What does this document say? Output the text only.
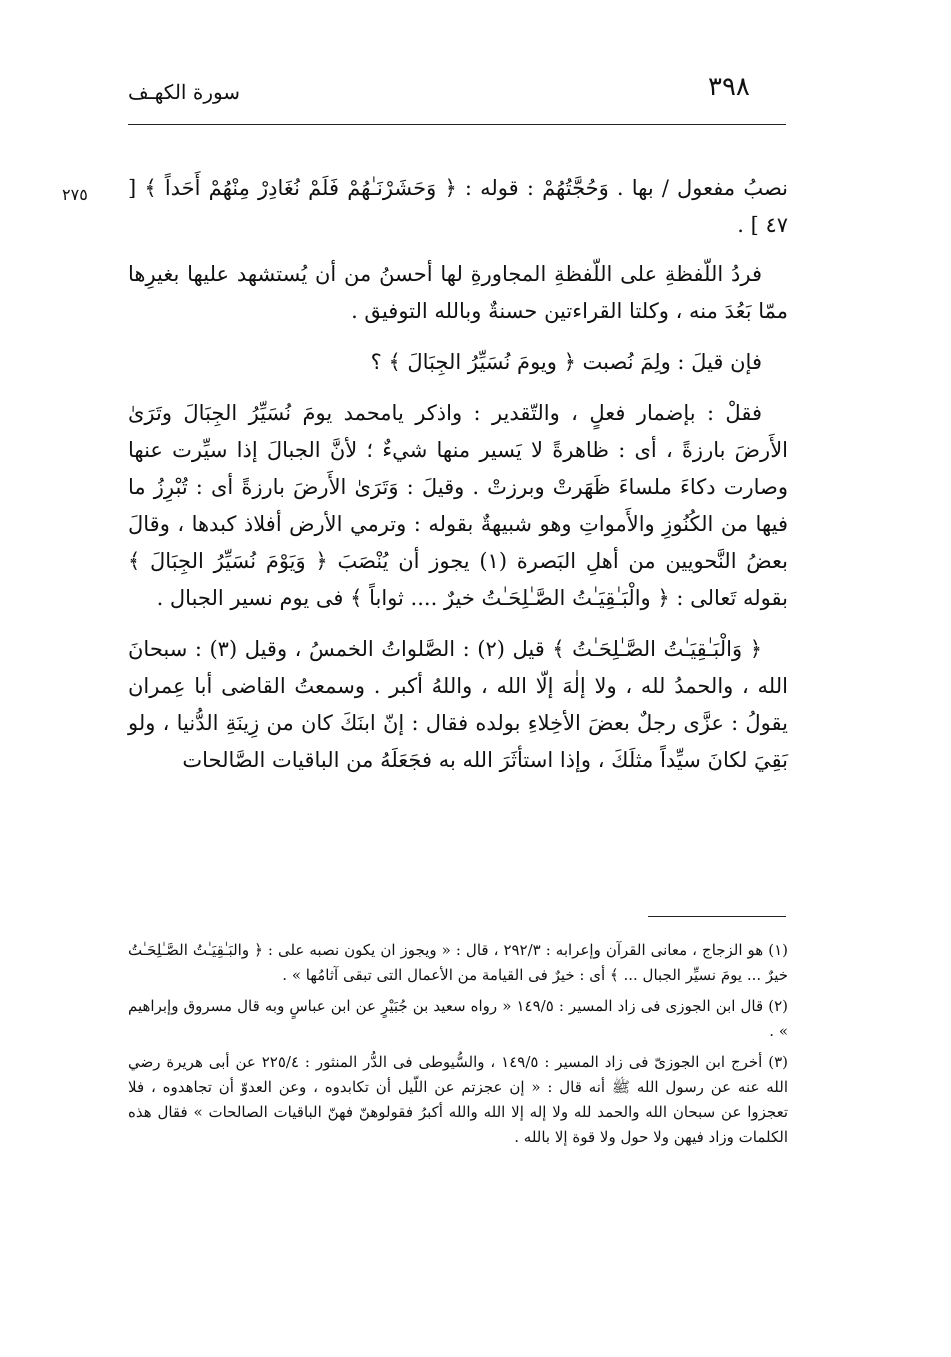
٣٩٨
سورة الكهـف
٢٧٥ نصبُ مفعول / بها . وَحُجَّتُهُمْ : قوله : ﴿ وَحَشَرْنَـٰهُمْ فَلَمْ نُغَادِرْ مِنْهُمْ أَحَداً ﴾ [ ٤٧ ] .

فردُ اللّفظةِ على اللّفظةِ المجاورةِ لها أحسنُ من أن يُستشهد عليها بغيرِها ممّا بَعُدَ منه ، وكلتا القراءتين حسنةٌ وبالله التوفيق .

فإن قيلَ : ولِمَ نُصبت ﴿ ويومَ نُسَيِّرُ الجِبَالَ ﴾ ؟

فقلْ : بإضمار فعلٍ ، والتّقدير : واذكر يامحمد يومَ نُسَيِّرُ الجِبَالَ وتَرَىٰ الأَرضَ بارزةً ، أى : ظاهرةً لا يَسير منها شيءٌ ؛ لأنَّ الجبالَ إذا سيِّرت عنها وصارت دكاءَ ملساءَ ظَهَرتْ وبرزتْ . وقيلَ : وَتَرَىٰ الأَرضَ بارزةً أى : تُبْرِزُ ما فيها من الكُنُوزِ والأَمواتِ وهو شبيهةٌ بقوله : وترمي الأرض أفلاذ كبدها ، وقالَ بعضُ النَّحويين من أهلِ البَصرة (١) يجوز أن يُنْصَبَ ﴿ وَيَوْمَ نُسَيِّرُ الجِبَالَ ﴾ بقوله تَعالى : ﴿ والْبَـٰقِيَـٰتُ الصَّـٰلِحَـٰتُ خيرٌ .... ثواباً ﴾ فى يوم نسير الجبال .

﴿ وَالْبَـٰقِيَـٰتُ الصَّـٰلِحَـٰتُ ﴾ قيل (٢) : الصَّلواتُ الخمسُ ، وقيل (٣) : سبحانَ الله ، والحمدُ لله ، ولا إلٰهَ إلّا الله ، واللهُ أكبر . وسمعتُ القاضى أبا عِمران يقولُ : عزَّى رجلٌ بعضَ الأخِلاءِ بولده فقال : إنّ ابنَكَ كان من زِينَةِ الدُّنيا ، ولو بَقِيَ لكانَ سيِّداً مثلَكَ ، وإذا استأثَرَ الله به فجَعَلَهُ من الباقيات الصَّالحات

(١) هو الزجاج ، معانى القرآن وإعرابه : ٢٩٢/٣ ، قال : « ويجوز ان يكون نصبه على : ﴿ والبَـٰقِيَـٰتُ الصَّـٰلِحَـٰتُ خيرٌ ... يومَ نسيِّر الجبال ... ﴾ أى : خيرٌ فى القيامة من الأعمال التى تبقى آثامُها » .

(٢) قال ابن الجوزى فى زاد المسير : ١٤٩/٥ « رواه سعيد بن جُبَيْرٍ عن ابن عباسٍ وبه قال مسروق وإبراهيم » .

(٣) أخرج ابن الجوزىّ فى زاد المسير : ١٤٩/٥ ، والسُّيوطى فى الدُّر المنثور : ٢٢٥/٤ عن أبى هريرة رضي الله عنه عن رسول الله ﷺ أنه قال : « إن عجزتم عن اللّيل أن تكابدوه ، وعن العدوّ أن تجاهدوه ، فلا تعجزوا عن سبحان الله والحمد لله ولا إله إلا الله والله أكبرُ فقولوهنّ فهنّ الباقيات الصالحات » فقال هذه الكلمات وزاد فيهن ولا حول ولا قوة إلا بالله .
